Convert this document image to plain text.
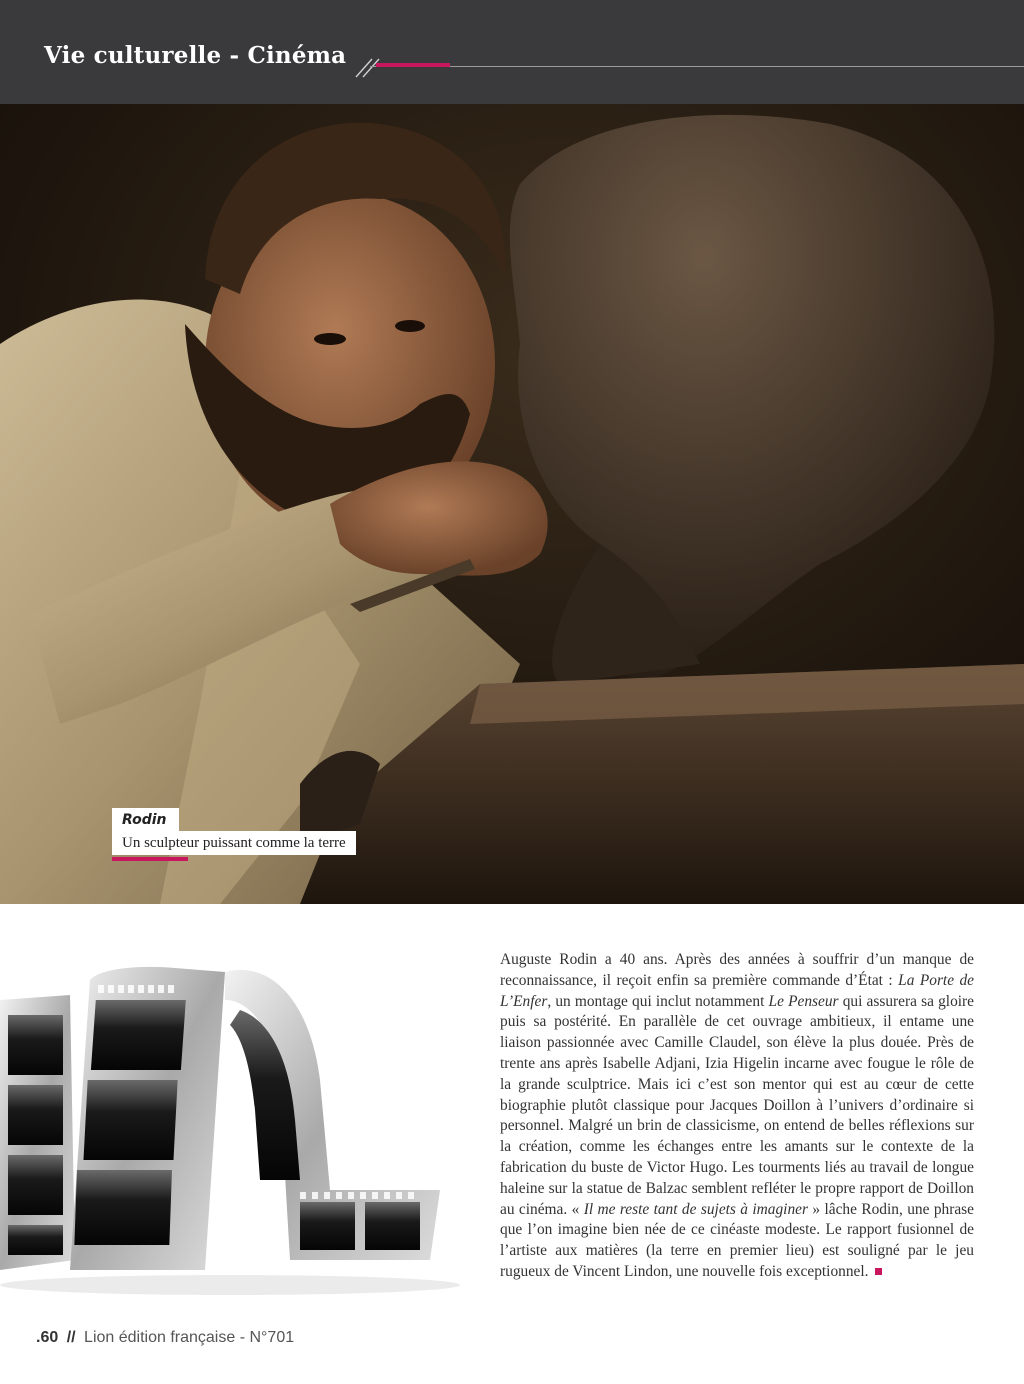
Vie culturelle - Cinéma
Rodin
Un sculpteur puissant comme la terre

Auguste Rodin a 40 ans. Après des années à souffrir d’un manque de reconnaissance, il reçoit enfin sa première commande d’État : La Porte de L’Enfer, un montage qui inclut notamment Le Penseur qui assurera sa gloire puis sa postérité. En parallèle de cet ouvrage ambitieux, il entame une liaison passionnée avec Camille Claudel, son élève la plus douée. Près de trente ans après Isabelle Adjani, Izia Higelin incarne avec fougue le rôle de la grande sculptrice. Mais ici c’est son mentor qui est au cœur de cette biographie plutôt classique pour Jacques Doillon à l’univers d’ordinaire si personnel. Malgré un brin de classicisme, on entend de belles réflexions sur la création, comme les échanges entre les amants sur le contexte de la fabrication du buste de Victor Hugo. Les tourments liés au travail de longue haleine sur la statue de Balzac semblent refléter le propre rapport de Doillon au cinéma. « Il me reste tant de sujets à imaginer » lâche Rodin, une phrase que l’on imagine bien née de ce cinéaste modeste. Le rapport fusionnel de l’artiste aux matières (la terre en premier lieu) est souligné par le jeu rugueux de Vincent Lindon, une nouvelle fois exceptionnel.

.60 // Lion édition française - N°701
